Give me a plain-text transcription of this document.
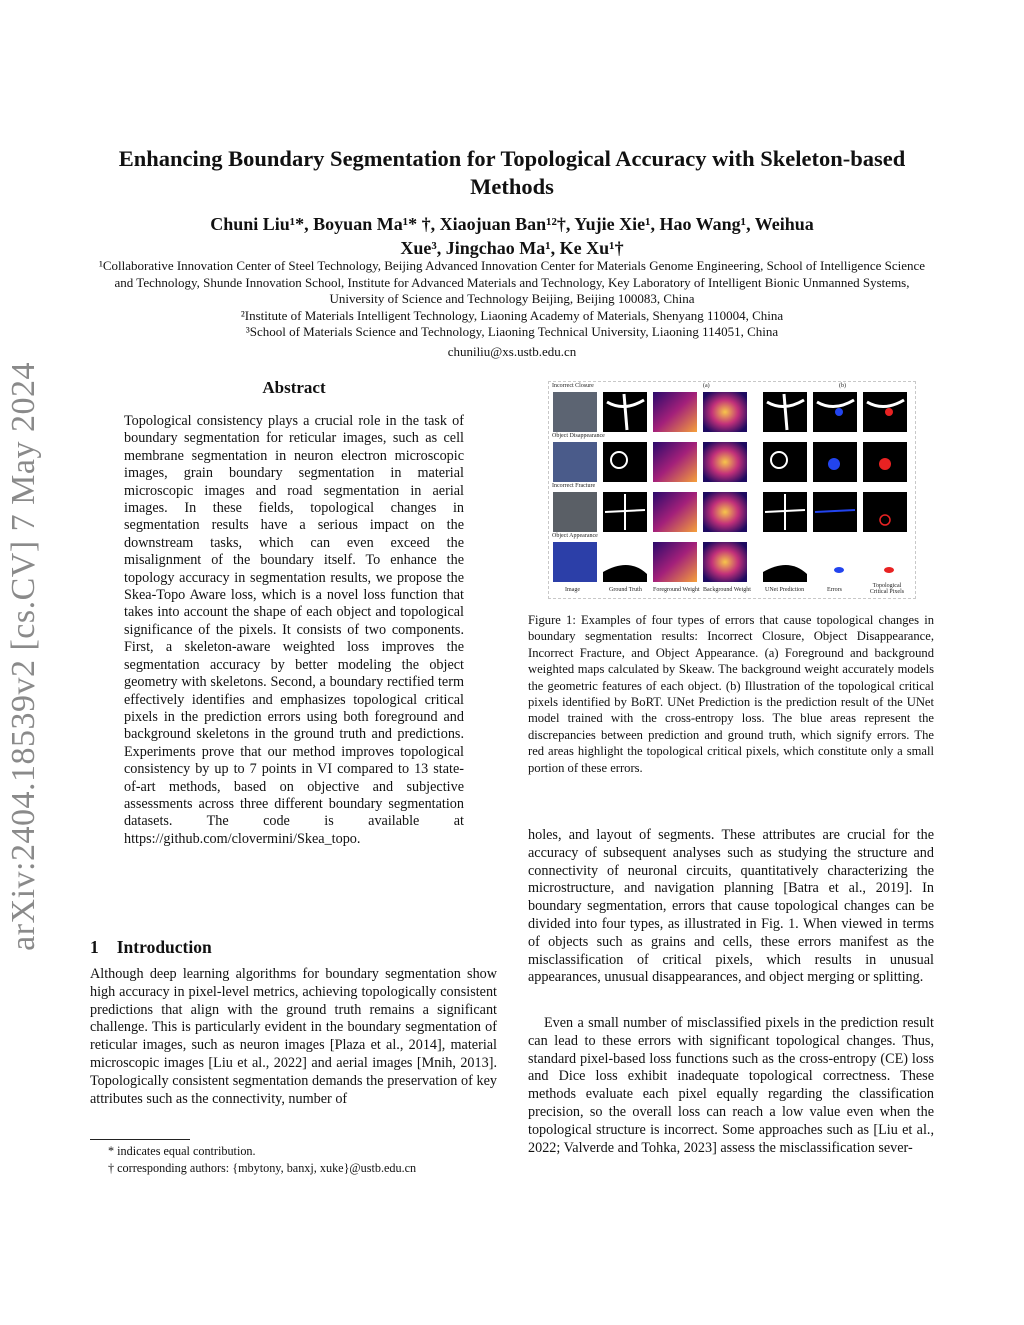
arXiv:2404.18539v2 [cs.CV] 7 May 2024
Enhancing Boundary Segmentation for Topological Accuracy with Skeleton-based Methods
Chuni Liu¹*, Boyuan Ma¹* †, Xiaojuan Ban¹²†, Yujie Xie¹, Hao Wang¹, Weihua
Xue³, Jingchao Ma¹, Ke Xu¹†

¹Collaborative Innovation Center of Steel Technology, Beijing Advanced Innovation Center for Materials Genome Engineering, School of Intelligence Science and Technology, Shunde Innovation School, Institute for Advanced Materials and Technology, Key Laboratory of Intelligent Bionic Unmanned Systems, University of Science and Technology Beijing, Beijing 100083, China

²Institute of Materials Intelligent Technology, Liaoning Academy of Materials, Shenyang 110004, China

³School of Materials Science and Technology, Liaoning Technical University, Liaoning 114051, China

chuniliu@xs.ustb.edu.cn
Abstract

Topological consistency plays a crucial role in the task of boundary segmentation for reticular images, such as cell membrane segmentation in neuron electron microscopic images, grain boundary segmentation in material microscopic images and road segmentation in aerial images. In these fields, topological changes in segmentation results have a serious impact on the downstream tasks, which can even exceed the misalignment of the boundary itself. To enhance the topology accuracy in segmentation results, we propose the Skea-Topo Aware loss, which is a novel loss function that takes into account the shape of each object and topological significance of the pixels. It consists of two components. First, a skeleton-aware weighted loss improves the segmentation accuracy by better modeling the object geometry with skeletons. Second, a boundary rectified term effectively identifies and emphasizes topological critical pixels in the prediction errors using both foreground and background skeletons in the ground truth and predictions. Experiments prove that our method improves topological consistency by up to 7 points in VI compared to 13 state-of-art methods, based on objective and subjective assessments across three different boundary segmentation datasets. The code is available at https://github.com/clovermini/Skea_topo.

1 Introduction

Although deep learning algorithms for boundary segmentation show high accuracy in pixel-level metrics, achieving topologically consistent predictions that align with the ground truth remains a significant challenge. This is particularly evident in the boundary segmentation of reticular images, such as neuron images [Plaza et al., 2014], material microscopic images [Liu et al., 2022] and aerial images [Mnih, 2013]. Topologically consistent segmentation demands the preservation of key attributes such as the connectivity, number of

* indicates equal contribution.

† corresponding authors: {mbytony, banxj, xuke}@ustb.edu.cn

Incorrect Closure
Object Disappearance
Incorrect Fracture
Object Appearance
(a)	(b)
Image	Ground Truth Foreground Weight Background Weight UNet Prediction	Errors
Topological Critical Pixels

Figure 1: Examples of four types of errors that cause topological changes in boundary segmentation results: Incorrect Closure, Object Disappearance, Incorrect Fracture, and Object Appearance. (a) Foreground and background weighted maps calculated by Skeaw. The background weight accurately models the geometric features of each object. (b) Illustration of the topological critical pixels identified by BoRT. UNet Prediction is the prediction result of the UNet model trained with the cross-entropy loss. The blue areas represent the discrepancies between prediction and ground truth, which signify errors. The red areas highlight the topological critical pixels, which constitute only a small portion of these errors.

holes, and layout of segments. These attributes are crucial for the accuracy of subsequent analyses such as studying the structure and connectivity of neuronal circuits, quantitatively characterizing the microstructure, and navigation planning [Batra et al., 2019]. In boundary segmentation, errors that cause topological changes can be divided into four types, as illustrated in Fig. 1. When viewed in terms of objects such as grains and cells, these errors manifest as the misclassification of critical pixels, which results in unusual appearances, unusual disappearances, and object merging or splitting.

Even a small number of misclassified pixels in the prediction result can lead to these errors with significant topological changes. Thus, standard pixel-based loss functions such as the cross-entropy (CE) loss and Dice loss exhibit inadequate topological correctness. These methods evaluate each pixel equally regarding the classification precision, so the overall loss can reach a low value even when the topological structure is incorrect. Some approaches such as [Liu et al., 2022; Valverde and Tohka, 2023] assess the misclassification sever-
